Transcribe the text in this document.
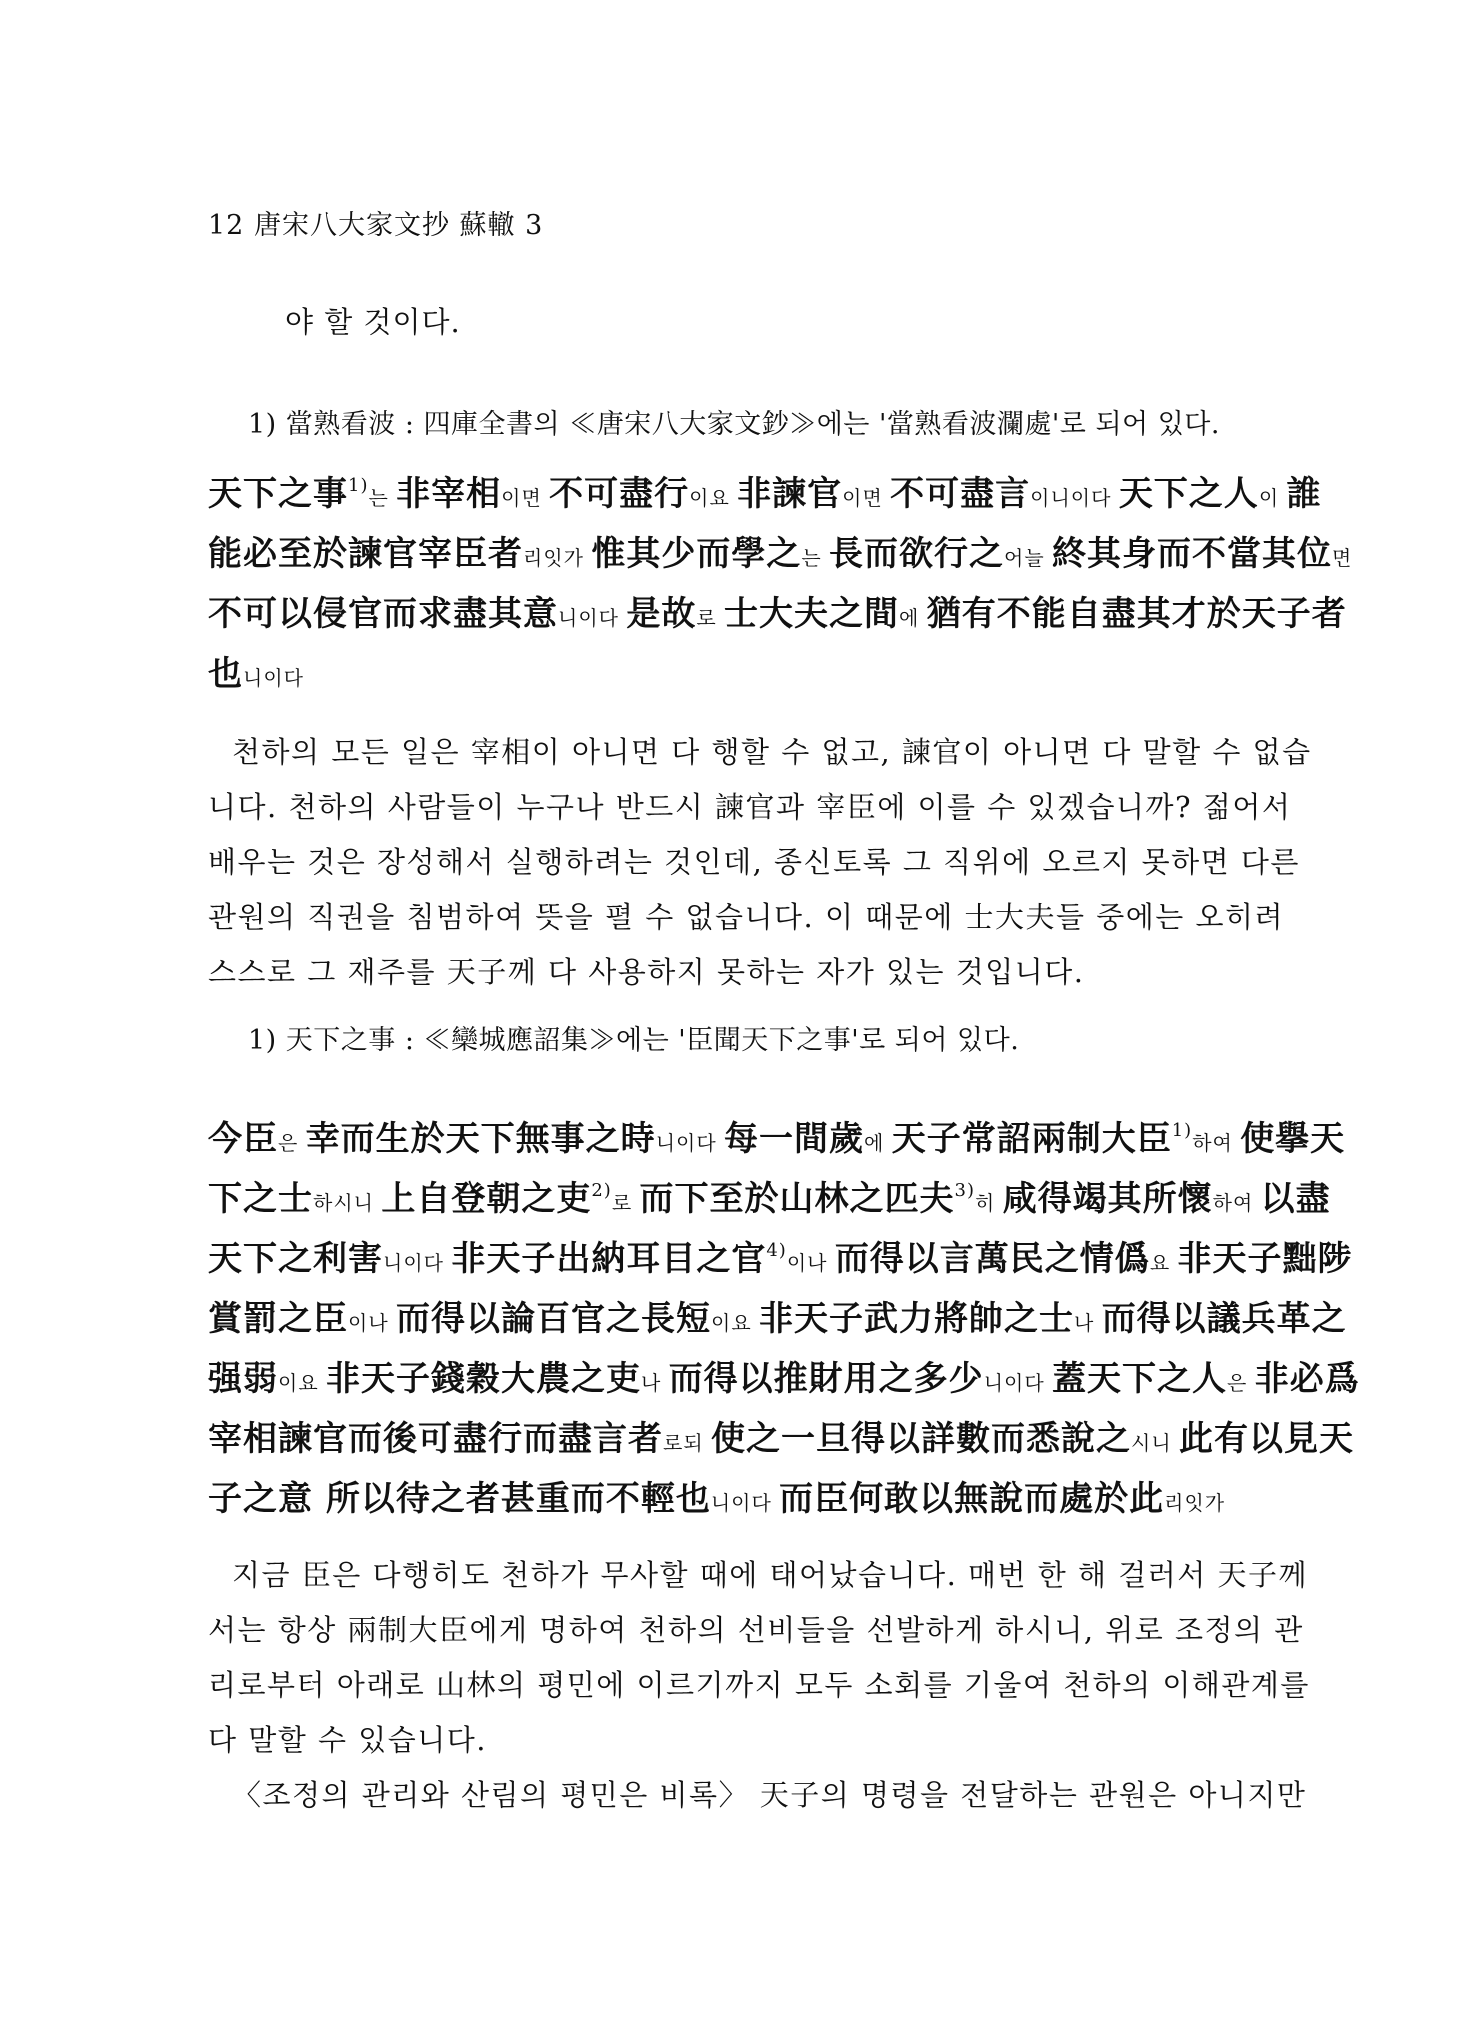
12 唐宋八大家文抄 蘇轍 3
야 할 것이다.
1) 當熟看波 : 四庫全書의 ≪唐宋八大家文鈔≫에는 '當熟看波瀾處'로 되어 있다.
天下之事$^{1)}$는 非宰相이면 不可盡行이요 非諫官이면 不可盡言이니이다 天下之人이 誰
能必至於諫官宰臣者리잇가 惟其少而學之는 長而欲行之어늘 終其身而不當其位면
不可以侵官而求盡其意니이다 是故로 士大夫之間에 猶有不能自盡其才於天子者
也니이다
천하의 모든 일은 宰相이 아니면 다 행할 수 없고, 諫官이 아니면 다 말할 수 없습
니다. 천하의 사람들이 누구나 반드시 諫官과 宰臣에 이를 수 있겠습니까? 젊어서
배우는 것은 장성해서 실행하려는 것인데, 종신토록 그 직위에 오르지 못하면 다른
관원의 직권을 침범하여 뜻을 펼 수 없습니다. 이 때문에 士大夫들 중에는 오히려
스스로 그 재주를 天子께 다 사용하지 못하는 자가 있는 것입니다.
1) 天下之事 : ≪欒城應詔集≫에는 '臣聞天下之事'로 되어 있다.
今臣은 幸而生於天下無事之時니이다 每一間歲에 天子常詔兩制大臣$^{1)}$하여 使擧天
下之士하시니 上自登朝之吏$^{2)}$로 而下至於山林之匹夫$^{3)}$히 咸得竭其所懷하여 以盡
天下之利害니이다 非天子出納耳目之官$^{4)}$이나 而得以言萬民之情僞요 非天子黜陟
賞罰之臣이나 而得以論百官之長短이요 非天子武力將帥之士나 而得以議兵革之
强弱이요 非天子錢穀大農之吏나 而得以推財用之多少니이다 蓋天下之人은 非必爲
宰相諫官而後可盡行而盡言者로되 使之一旦得以詳數而悉說之시니 此有以見天
子之意 所以待之者甚重而不輕也니이다 而臣何敢以無說而處於此리잇가
지금 臣은 다행히도 천하가 무사할 때에 태어났습니다. 매번 한 해 걸러서 天子께
서는 항상 兩制大臣에게 명하여 천하의 선비들을 선발하게 하시니, 위로 조정의 관
리로부터 아래로 山林의 평민에 이르기까지 모두 소회를 기울여 천하의 이해관계를
다 말할 수 있습니다.
〈조정의 관리와 산림의 평민은 비록〉 天子의 명령을 전달하는 관원은 아니지만
